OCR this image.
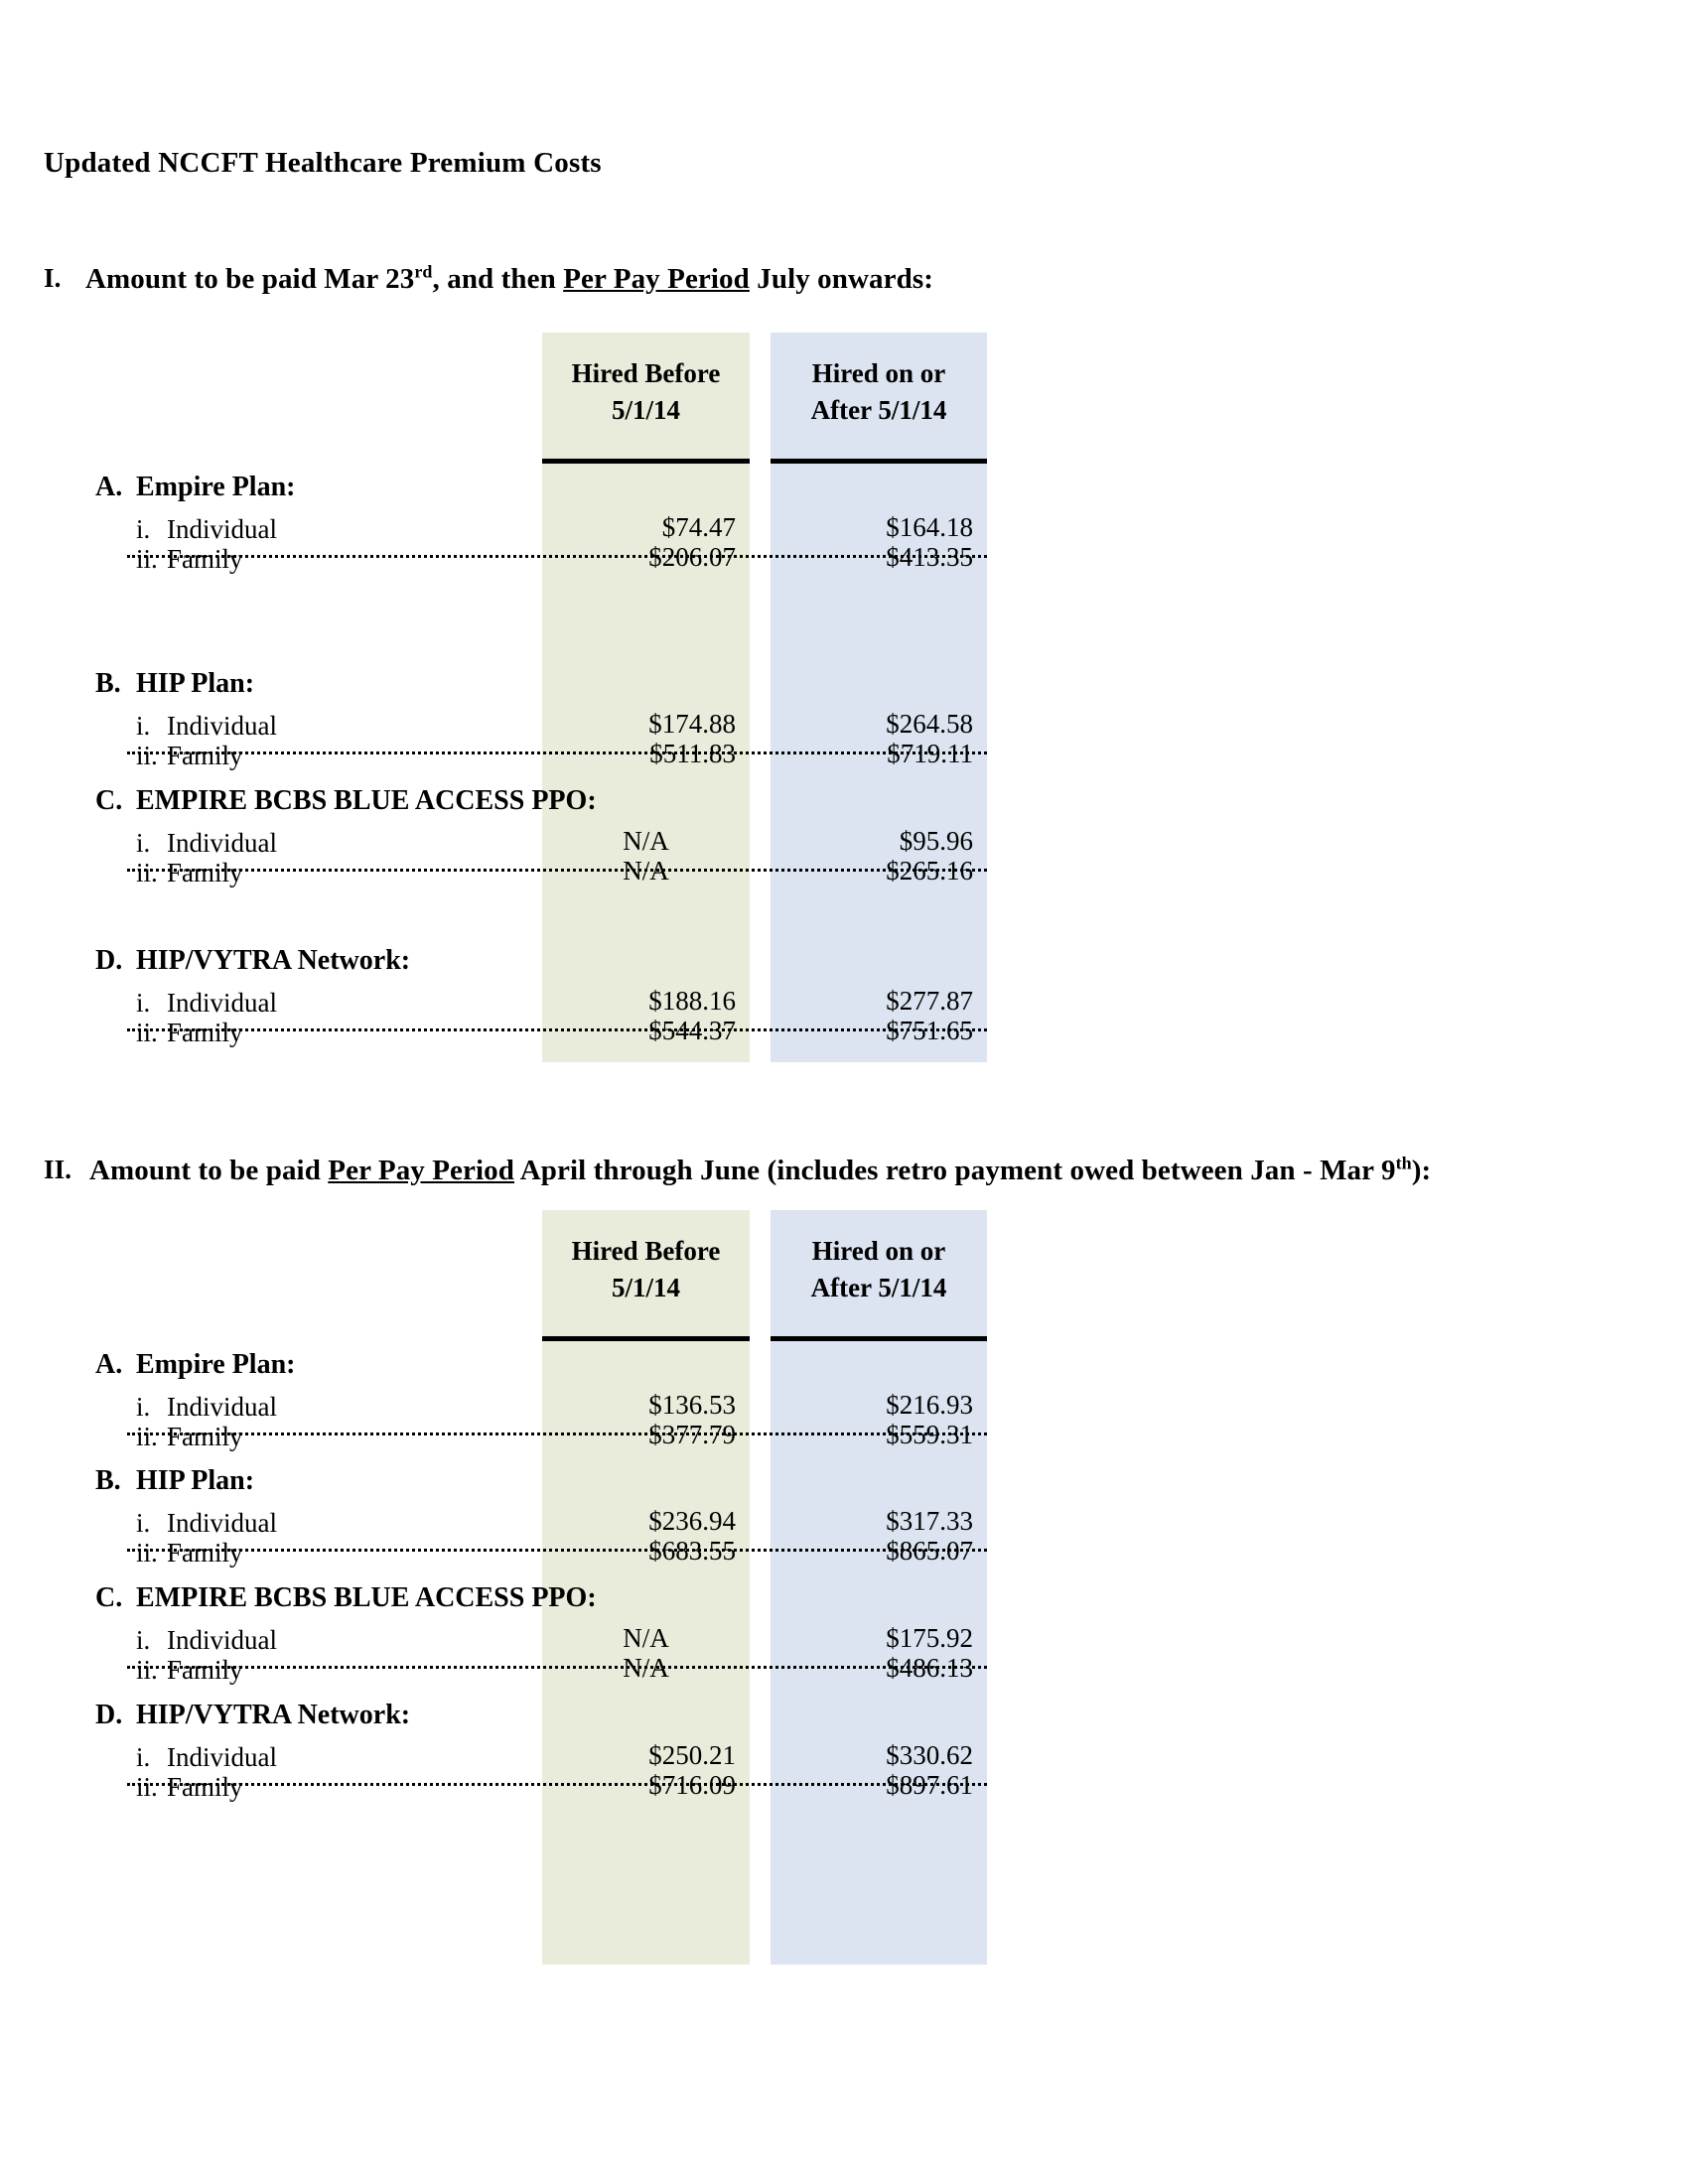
Updated NCCFT Healthcare Premium Costs
I. Amount to be paid Mar 23rd, and then Per Pay Period July onwards:
Hired Before
5/1/14
Hired on or
After 5/1/14
A. Empire Plan:
i. Individual	$74.47	$164.18
ii. Family	$206.07	$413.35
B. HIP Plan:
i. Individual	$174.88	$264.58
ii. Family	$511.83	$719.11
C. EMPIRE BCBS BLUE ACCESS PPO:
i. Individual	N/A	$95.96
ii. Family	N/A	$265.16
D. HIP/VYTRA Network:
i. Individual	$188.16	$277.87
ii. Family	$544.37	$751.65
II. Amount to be paid Per Pay Period April through June (includes retro payment owed between Jan - Mar 9th):
Hired Before
5/1/14
Hired on or
After 5/1/14
A. Empire Plan:
i. Individual	$136.53	$216.93
ii. Family	$377.79	$559.31
B. HIP Plan:
i. Individual	$236.94	$317.33
ii. Family	$683.55	$865.07
C. EMPIRE BCBS BLUE ACCESS PPO:
i. Individual	N/A	$175.92
ii. Family	N/A	$486.13
D. HIP/VYTRA Network:
i. Individual	$250.21	$330.62
ii. Family	$716.09	$897.61
